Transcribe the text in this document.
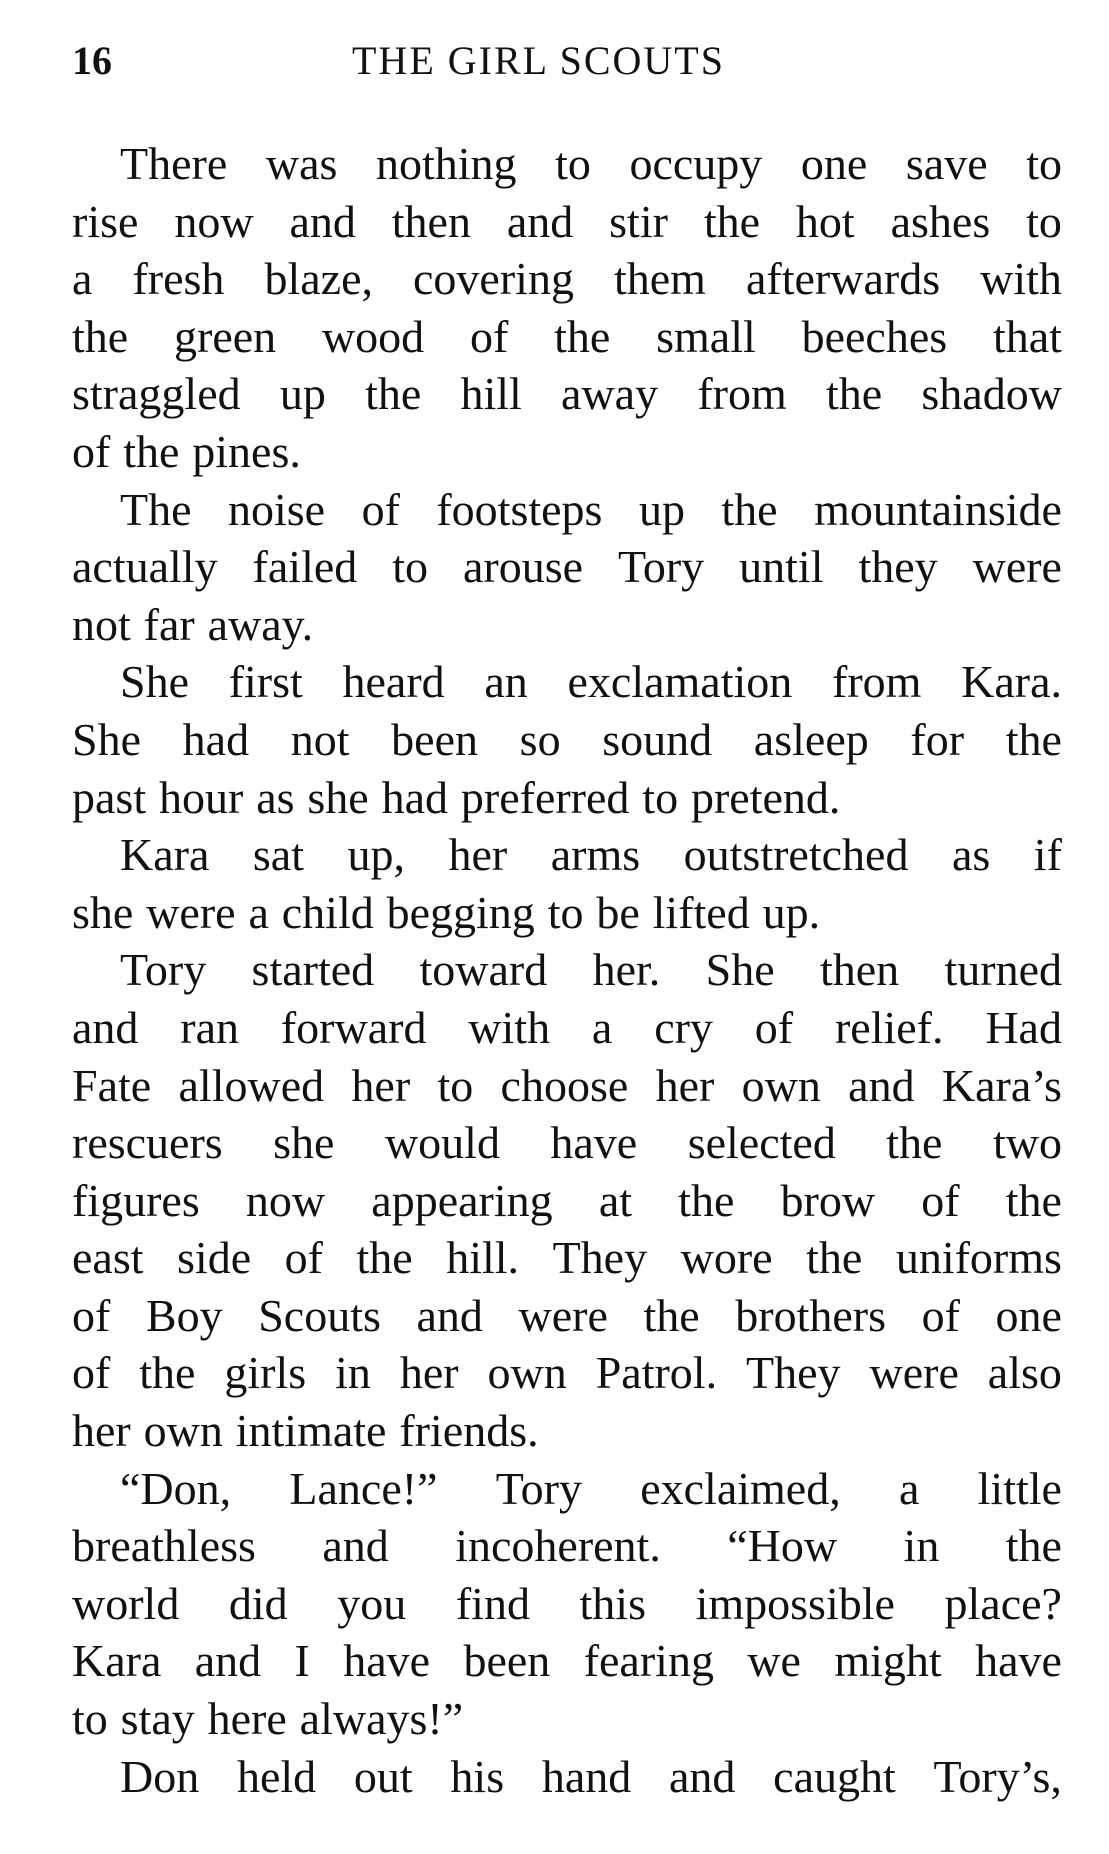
16	THE GIRL SCOUTS
There was nothing to occupy one save to
rise now and then and stir the hot ashes to
a fresh blaze, covering them afterwards with
the green wood of the small beeches that
straggled up the hill away from the shadow
of the pines.
The noise of footsteps up the mountainside
actually failed to arouse Tory until they were
not far away.
She first heard an exclamation from Kara.
She had not been so sound asleep for the
past hour as she had preferred to pretend.
Kara sat up, her arms outstretched as if
she were a child begging to be lifted up.
Tory started toward her. She then turned
and ran forward with a cry of relief. Had
Fate allowed her to choose her own and Kara’s
rescuers she would have selected the two
figures now appearing at the brow of the
east side of the hill. They wore the uniforms
of Boy Scouts and were the brothers of one
of the girls in her own Patrol. They were also
her own intimate friends.
“Don, Lance!” Tory exclaimed, a little
breathless and incoherent. “How in the
world did you find this impossible place?
Kara and I have been fearing we might have
to stay here always!”
Don held out his hand and caught Tory’s,
